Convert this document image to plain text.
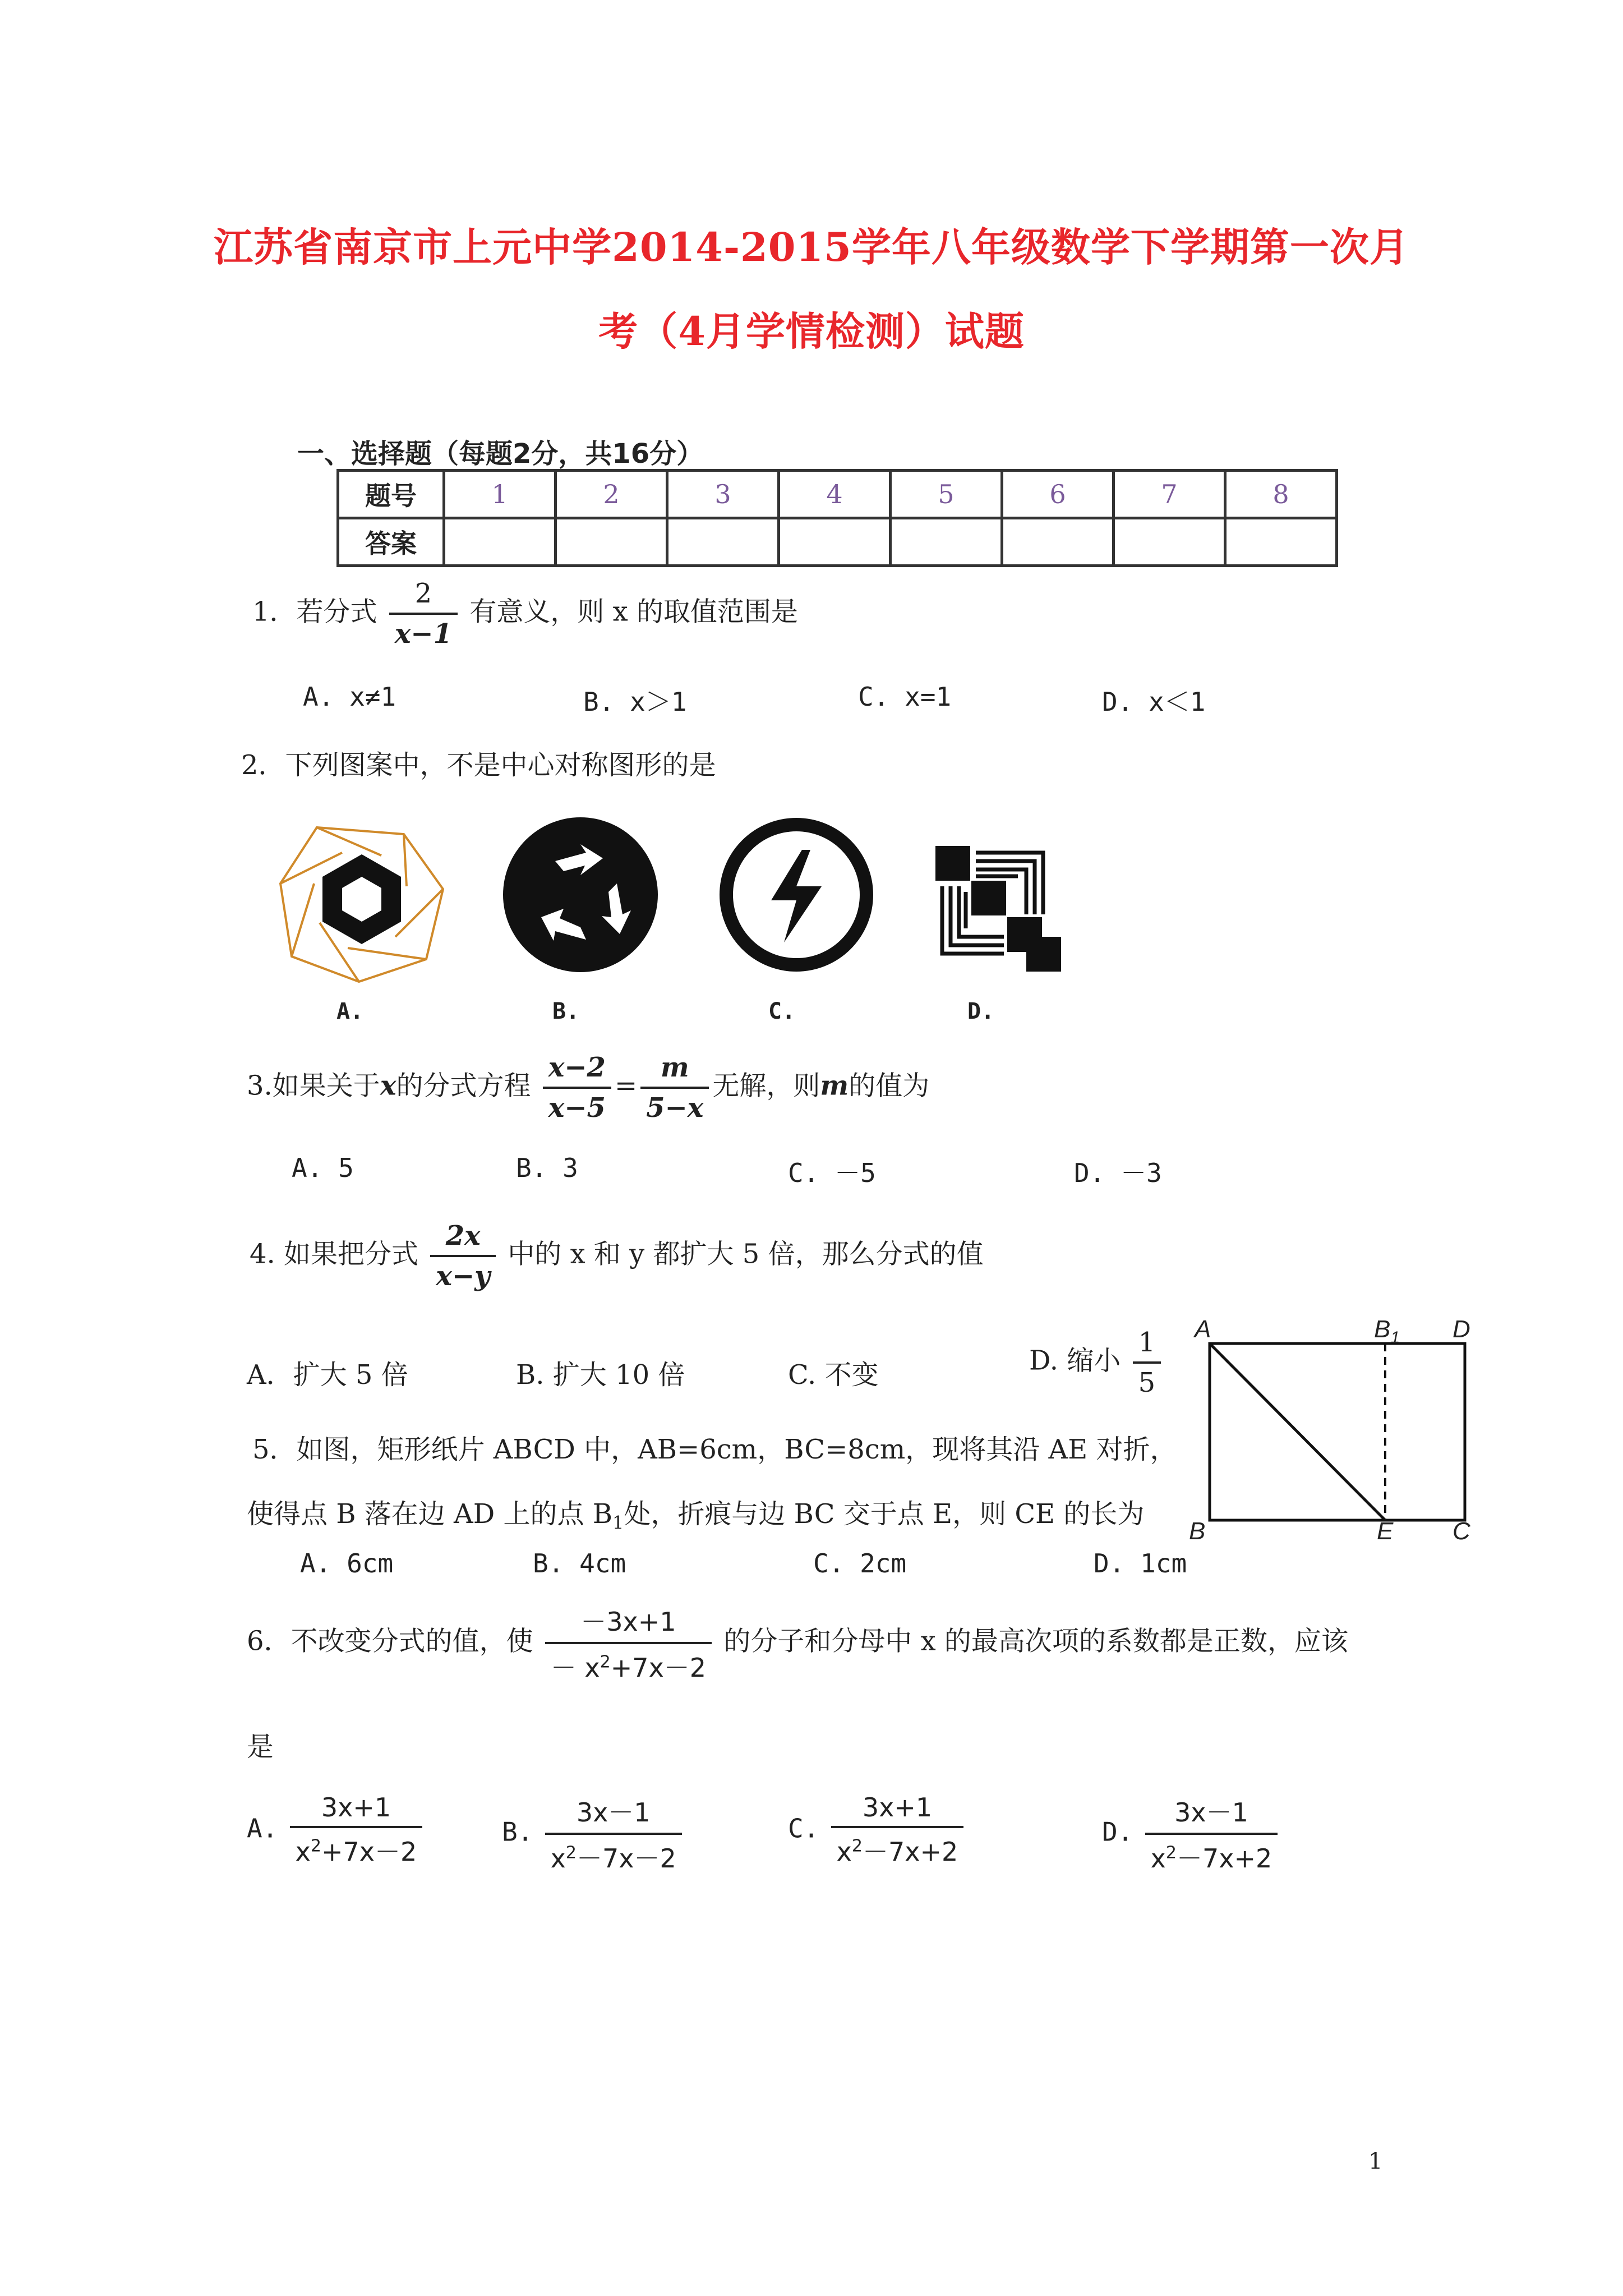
江苏省南京市上元中学2014-2015学年八年级数学下学期第一次月
考（4月学情检测）试题
一、选择题（每题2分，共16分）
题号	1	2	3	4	5	6	7	8
答案								
1．若分式 $\frac{2}{x-1}$ 有意义，则 x 的取值范围是
A. x≠1	B. x＞1	C. x=1	D. x＜1
2．下列图案中，不是中心对称图形的是
A.	B.	C.	D.
3.如果关于x的分式方程 $\frac{x-2}{x-5} = \frac{m}{5-x}$ 无解，则m的值为
A. 5	B. 3	C. －5	D. －3
4. 如果把分式 $\frac{2x}{x-y}$ 中的 x 和 y 都扩大 5 倍，那么分式的值
A．扩大 5 倍	B. 扩大 10 倍	C. 不变	D. 缩小 $\frac{1}{5}$ A	$B_1$ D
B	E C
5．如图，矩形纸片 ABCD 中，AB=6cm，BC=8cm，现将其沿 AE 对折，
使得点 B 落在边 AD 上的点 $B_1$处，折痕与边 BC 交于点 E，则 CE 的长为
A. 6cm	B. 4cm	C. 2cm	D. 1cm
6．不改变分式的值，使 $\frac{-3x+1}{- x^2+7x-2}$ 的分子和分母中 x 的最高次项的系数都是正数，应该
是
A. $\frac{3x+1}{x^2+7x-2}$	B. $\frac{3x-1}{x^2-7x-2}$	C. $\frac{3x+1}{x^2-7x+2}$	D. $\frac{3x-1}{x^2-7x+2}$
1
